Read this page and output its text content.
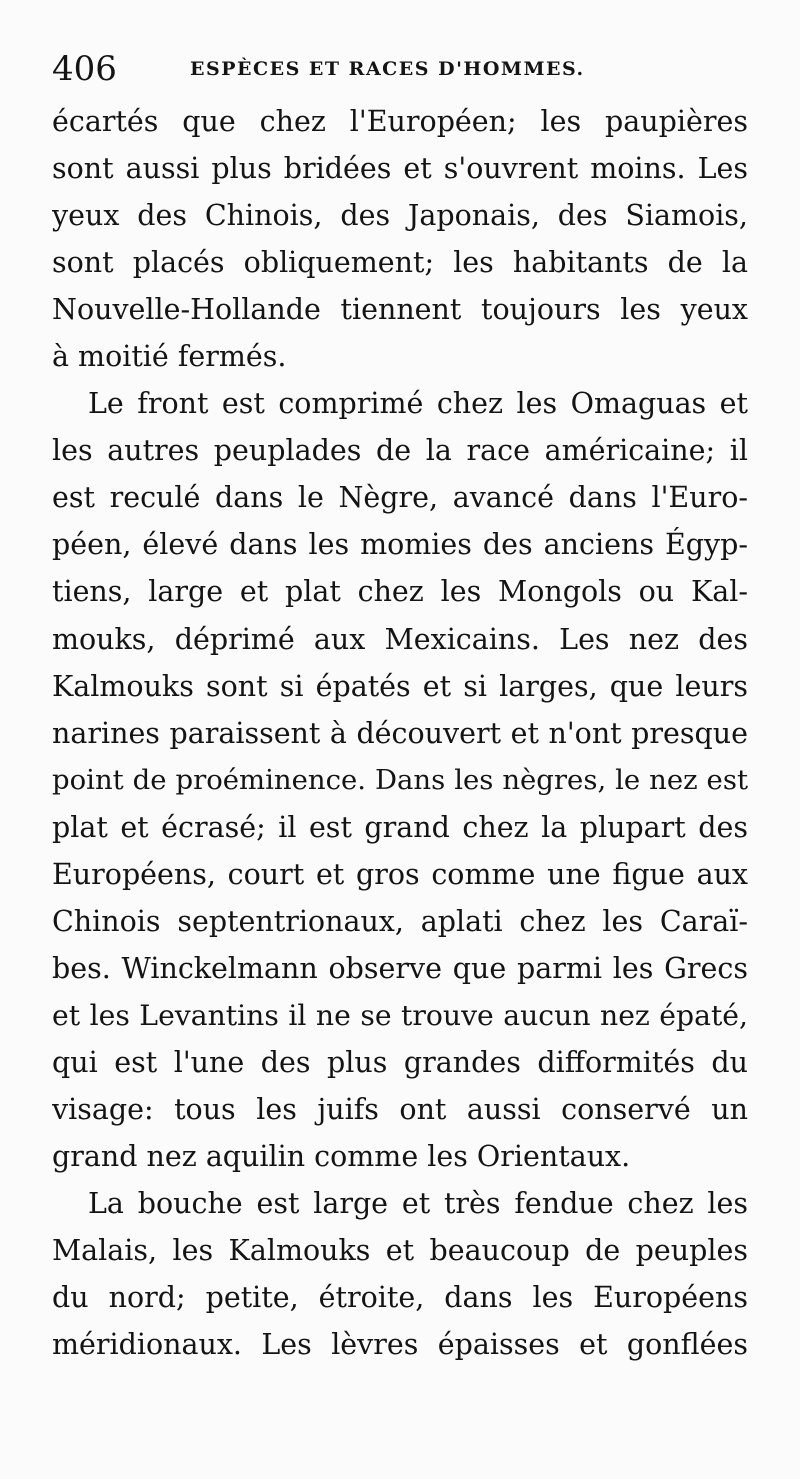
406	ESPÈCES ET RACES D'HOMMES.
écartés que chez l'Européen; les paupières
sont aussi plus bridées et s'ouvrent moins. Les
yeux des Chinois, des Japonais, des Siamois,
sont placés obliquement; les habitants de la
Nouvelle-Hollande tiennent toujours les yeux
à moitié fermés.
Le front est comprimé chez les Omaguas et
les autres peuplades de la race américaine; il
est reculé dans le Nègre, avancé dans l'Euro-
péen, élevé dans les momies des anciens Égyp-
tiens, large et plat chez les Mongols ou Kal-
mouks, déprimé aux Mexicains. Les nez des
Kalmouks sont si épatés et si larges, que leurs
narines paraissent à découvert et n'ont presque
point de proéminence. Dans les nègres, le nez est
plat et écrasé; il est grand chez la plupart des
Européens, court et gros comme une figue aux
Chinois septentrionaux, aplati chez les Caraï-
bes. Winckelmann observe que parmi les Grecs
et les Levantins il ne se trouve aucun nez épaté,
qui est l'une des plus grandes difformités du
visage: tous les juifs ont aussi conservé un
grand nez aquilin comme les Orientaux.
La bouche est large et très fendue chez les
Malais, les Kalmouks et beaucoup de peuples
du nord; petite, étroite, dans les Européens
méridionaux. Les lèvres épaisses et gonflées
